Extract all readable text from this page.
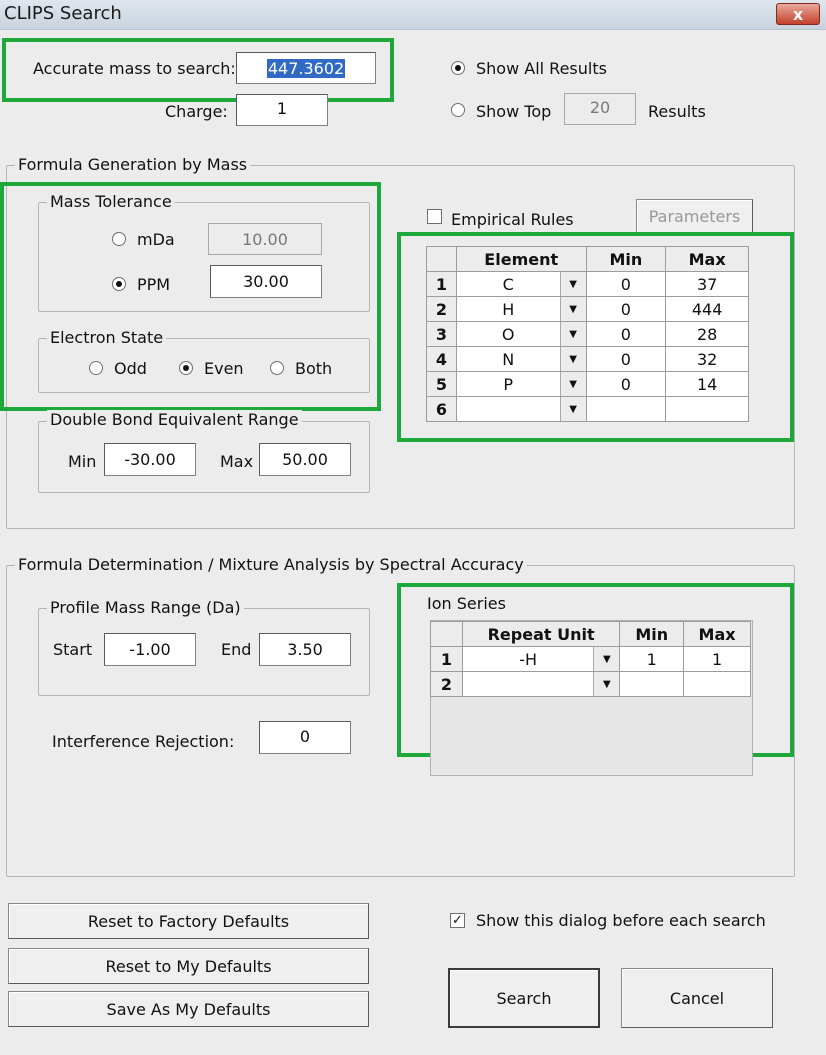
CLIPS Search	x
Accurate mass to search: 447.3602
Charge:	1
Show All Results
Show Top	20	Results
Formula Generation by Mass
Mass Tolerance
mDa	10.00
PPM	30.00
Electron State
Odd	Even	Both
Double Bond Equivalent Range
Min	-30.00	Max	50.00
Empirical Rules	Parameters
	Element	Min	Max
1	C ▼	0	37
2	H ▼	0	444
3	O ▼	0	28
4	N ▼	0	32
5	P ▼	0	14
6	▼		

Formula Determination / Mixture Analysis by Spectral Accuracy
Profile Mass Range (Da)
Start	-1.00	End	3.50
Interference Rejection:	0
Ion Series
	Repeat Unit	Min	Max
1	-H ▼	1	1
2	▼		

Reset to Factory Defaults
Reset to My Defaults
Save As My Defaults
✓ Show this dialog before each search
Search	Cancel
